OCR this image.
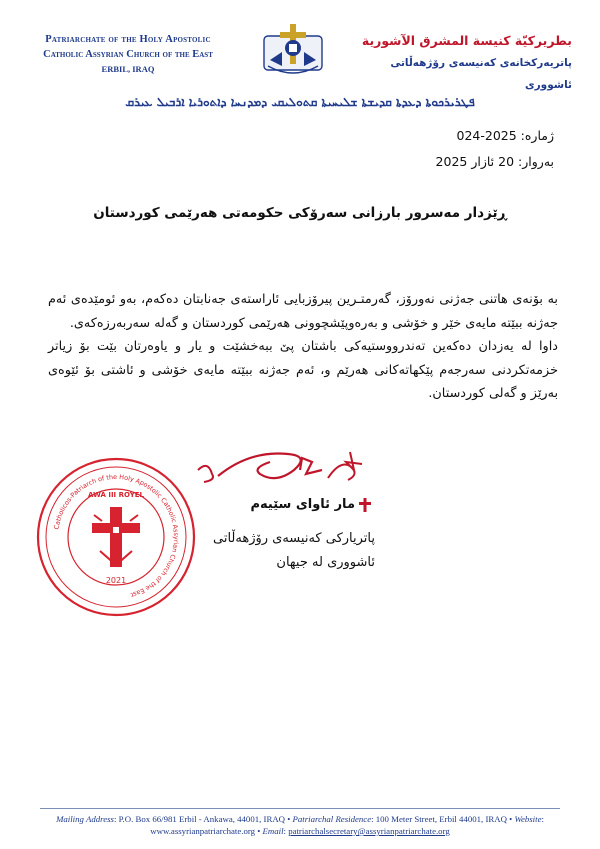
Patriarchate of the Holy Apostolic
Catholic Assyrian Church of the East
ERBIL, IRAQ
بطريركيّة كنيسة المشرق الآشورية
پاتریەرکخانەی کەنیسەی رۆژهەڵاتی ئاشووری
ܦܛܪܝܪܟܘܬܐ ܕܥܕܬܐ ܩܕܝܫܬܐ ܫܠܝܚܝܬܐ ܩܬܘܠܝܩܝ ܕܡܕܢܚܐ ܕܐܬܘܪܝܐ ܐܪܒܝܠ ܥܝܪܩ
ژمارە: 2025-024
بەروار: 20 ئازار 2025
ڕێزدار مەسرور بارزانی سەرۆکی حکومەتی هەرێمی کوردستان

بە بۆنەی هاتنی جەژنی نەورۆز، گەرمتـرین پیرۆزبایی ئاراستەی جەنابتان دەکەم، بەو ئومێدەی ئەم جەژنە ببێتە مایەی خێر و خۆشی و بەرەوپێشچوونی هەرێمی کوردستان و گەلە سەربەرزەکەی.

داوا لە یەزدان دەکەین تەندرووستیەکی باشتان پێ ببەخشێت و یار و یاوەرتان بێت بۆ زیاتر خزمەتکردنی سەرجەم پێکهاتەکانی هەرێم و، ئەم جەژنە ببێتە مایەی خۆشی و ئاشتی بۆ ئێوەی بەرێز و گەلی کوردستان.

مار ئاوای سێیەم
پاتریارکی کەنیسەی رۆژهەڵاتی
ئاشووری لە جیهان
Catholicos-Patriarch of the Holy Apostolic Catholic Assyrian Church of the East
AWA III ROYEL
2021
Mailing Address: P.O. Box 66/981 Erbil - Ankawa, 44001, IRAQ • Patriarchal Residence: 100 Meter Street, Erbil 44001, IRAQ • Website:
www.assyrianpatriarchate.org • Email: patriarchalsecretary@assyrianpatriarchate.org
